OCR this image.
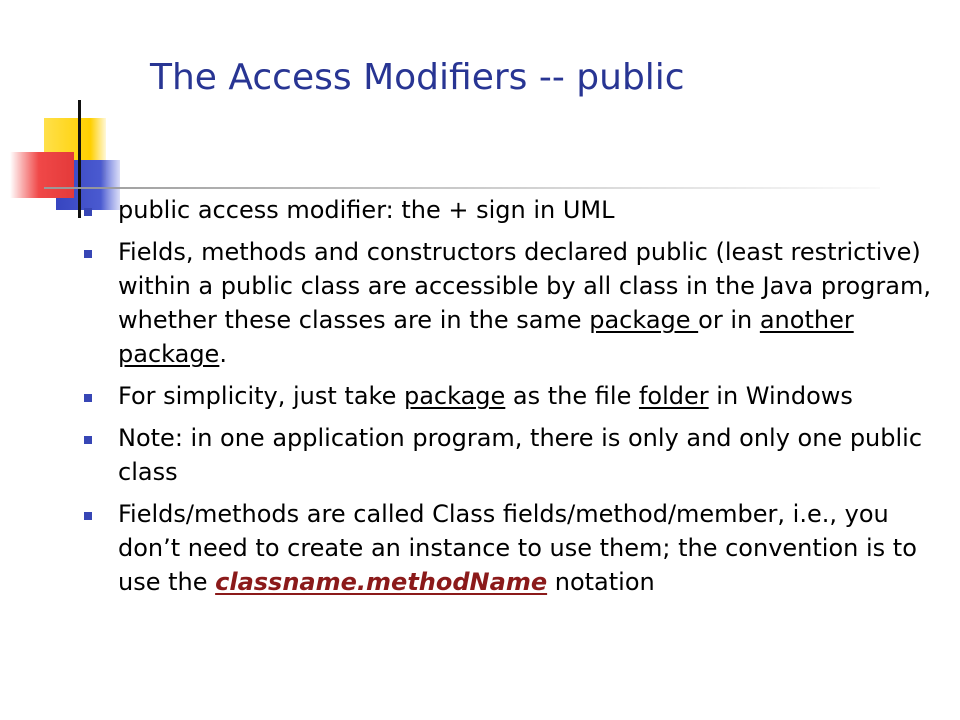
The Access Modifiers -- public
public access modifier: the + sign in UML
Fields, methods and constructors declared public (least restrictive) within a public class are accessible by all class in the Java program, whether these classes are in the same package or in another package.
For simplicity, just take package as the file folder in Windows
Note: in one application program, there is only and only one public class
Fields/methods are called Class fields/method/member, i.e., you don’t need to create an instance to use them; the convention is to use the classname.methodName notation
